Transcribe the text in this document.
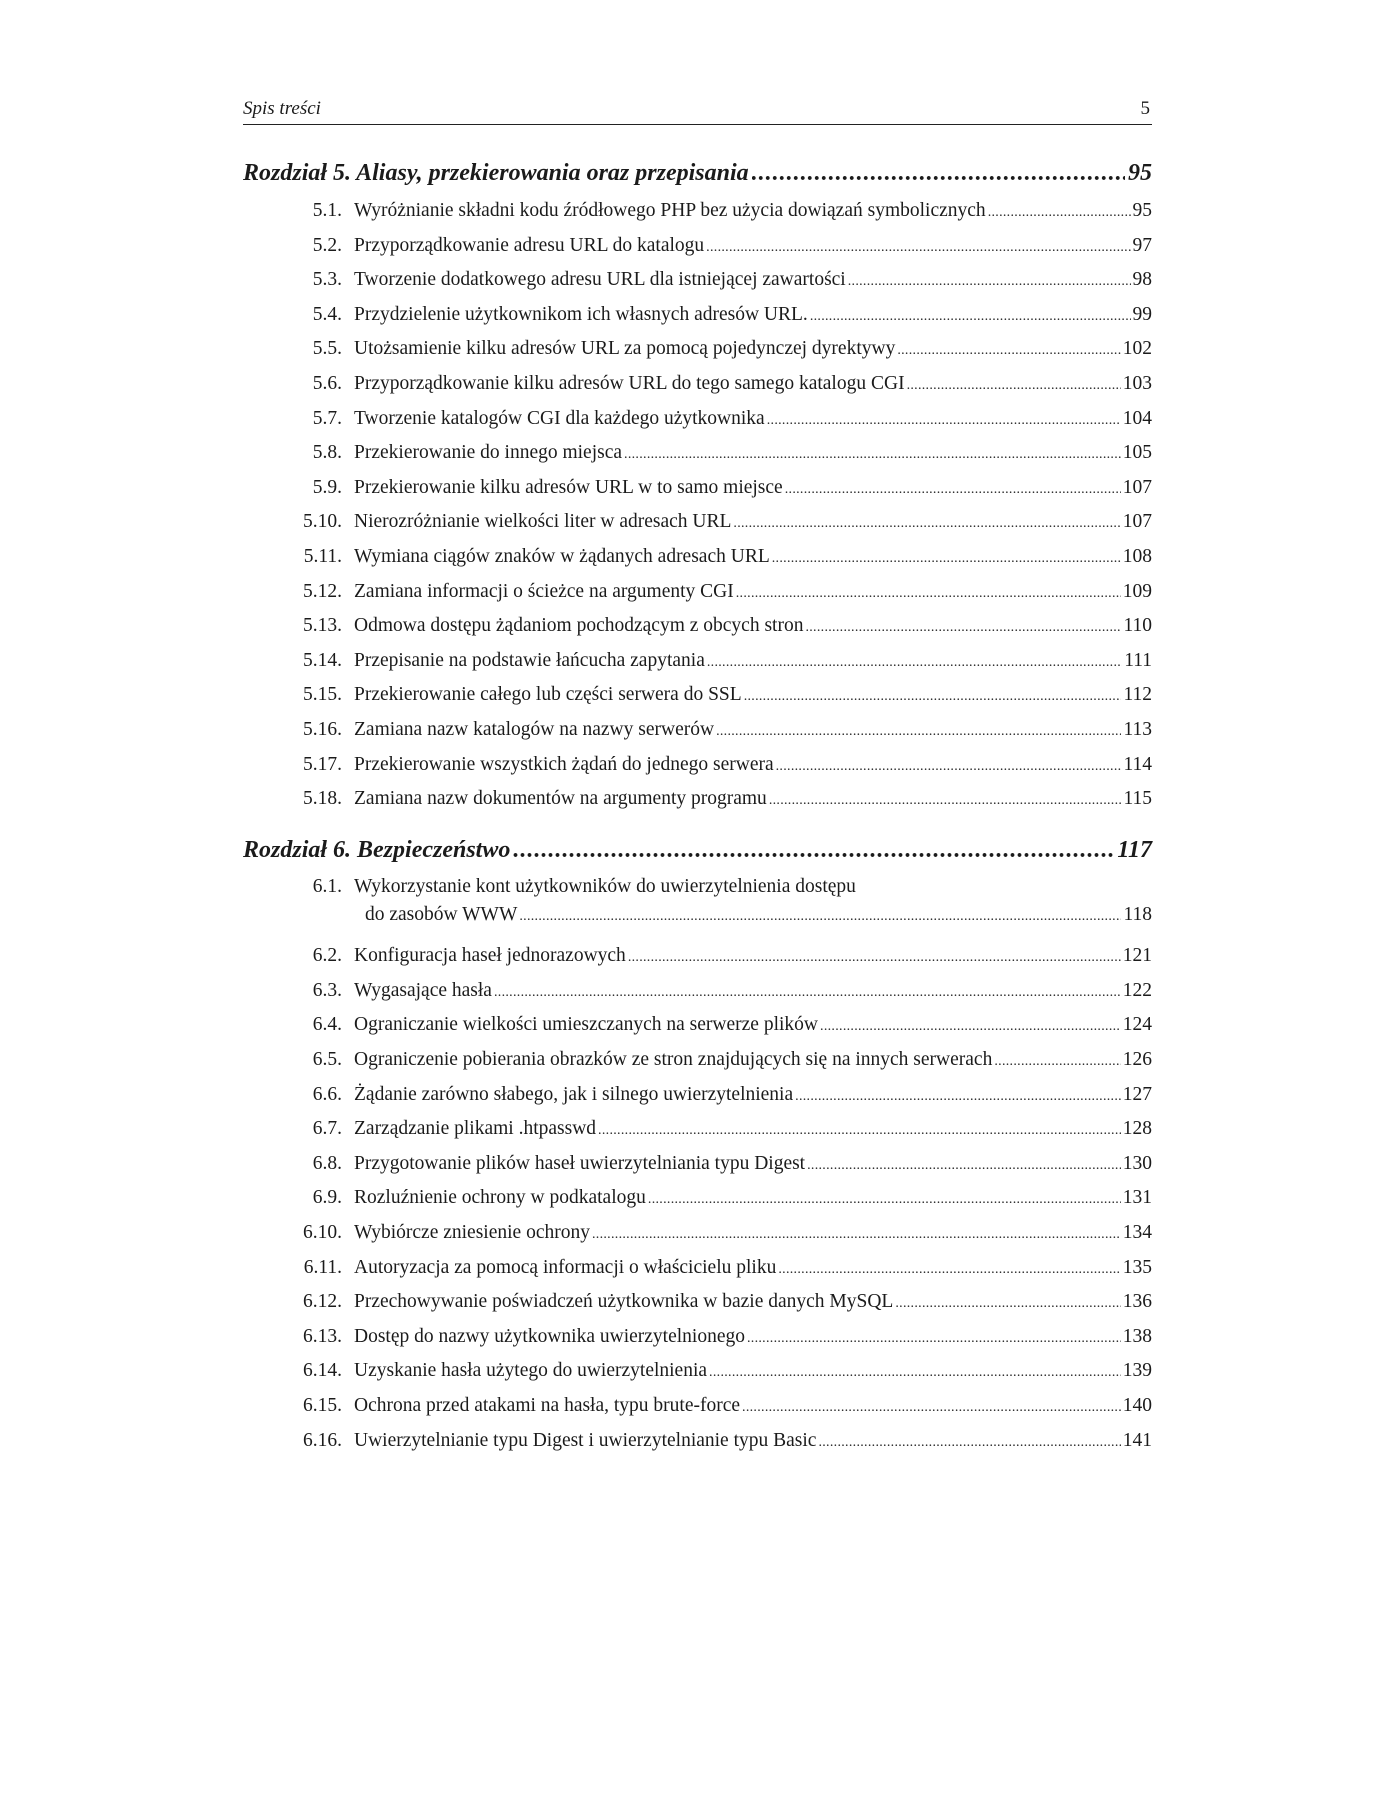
Spis treści	5
Rozdział 5. Aliasy, przekierowania oraz przepisania .....	95
5.1. Wyróżnianie składni kodu źródłowego PHP bez użycia dowiązań symbolicznych .....	95
5.2. Przyporządkowanie adresu URL do katalogu .....	97
5.3. Tworzenie dodatkowego adresu URL dla istniejącej zawartości .....	98
5.4. Przydzielenie użytkownikom ich własnych adresów URL. .....	99
5.5. Utożsamienie kilku adresów URL za pomocą pojedynczej dyrektywy .....	102
5.6. Przyporządkowanie kilku adresów URL do tego samego katalogu CGI .....	103
5.7. Tworzenie katalogów CGI dla każdego użytkownika .....	104
5.8. Przekierowanie do innego miejsca .....	105
5.9. Przekierowanie kilku adresów URL w to samo miejsce .....	107
5.10. Nierozróżnianie wielkości liter w adresach URL .....	107
5.11. Wymiana ciągów znaków w żądanych adresach URL .....	108
5.12. Zamiana informacji o ścieżce na argumenty CGI .....	109
5.13. Odmowa dostępu żądaniom pochodzącym z obcych stron .....	110
5.14. Przepisanie na podstawie łańcucha zapytania .....	111
5.15. Przekierowanie całego lub części serwera do SSL .....	112
5.16. Zamiana nazw katalogów na nazwy serwerów .....	113
5.17. Przekierowanie wszystkich żądań do jednego serwera .....	114
5.18. Zamiana nazw dokumentów na argumenty programu .....	115
Rozdział 6. Bezpieczeństwo .....	117
6.1. Wykorzystanie kont użytkowników do uwierzytelnienia dostępu
do zasobów WWW .....	118
6.2. Konfiguracja haseł jednorazowych .....	121
6.3. Wygasające hasła .....	122
6.4. Ograniczanie wielkości umieszczanych na serwerze plików .....	124
6.5. Ograniczenie pobierania obrazków ze stron znajdujących się na innych serwerach .....	126
6.6. Żądanie zarówno słabego, jak i silnego uwierzytelnienia .....	127
6.7. Zarządzanie plikami .htpasswd .....	128
6.8. Przygotowanie plików haseł uwierzytelniania typu Digest .....	130
6.9. Rozluźnienie ochrony w podkatalogu .....	131
6.10. Wybiórcze zniesienie ochrony .....	134
6.11. Autoryzacja za pomocą informacji o właścicielu pliku .....	135
6.12. Przechowywanie poświadczeń użytkownika w bazie danych MySQL .....	136
6.13. Dostęp do nazwy użytkownika uwierzytelnionego .....	138
6.14. Uzyskanie hasła użytego do uwierzytelnienia .....	139
6.15. Ochrona przed atakami na hasła, typu brute-force .....	140
6.16. Uwierzytelnianie typu Digest i uwierzytelnianie typu Basic .....	141
